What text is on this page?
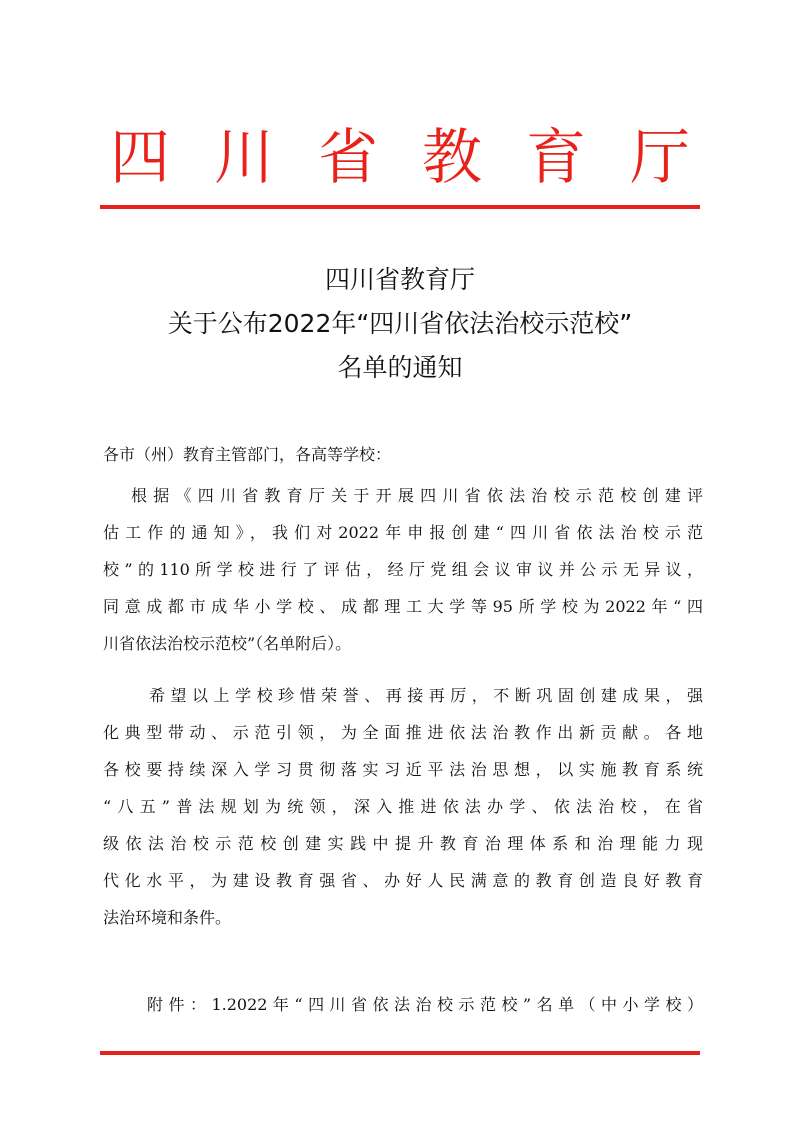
四 川 省 教 育 厅
四川省教育厅
关于公布2022年“四川省依法治校示范校”
名单的通知
各市（州）教育主管部门，各高等学校：
根据《四川省教育厅关于开展四川省依法治校示范校创建评
估工作的通知》，我们对2022年申报创建“四川省依法治校示范
校”的110所学校进行了评估，经厅党组会议审议并公示无异议，
同意成都市成华小学校、成都理工大学等95所学校为2022年“四
川省依法治校示范校”（名单附后）。
希望以上学校珍惜荣誉、再接再厉，不断巩固创建成果，强
化典型带动、示范引领，为全面推进依法治教作出新贡献。各地
各校要持续深入学习贯彻落实习近平法治思想，以实施教育系统
“八五”普法规划为统领，深入推进依法办学、依法治校，在省
级依法治校示范校创建实践中提升教育治理体系和治理能力现
代化水平，为建设教育强省、办好人民满意的教育创造良好教育
法治环境和条件。
附件：1.2022年“四川省依法治校示范校”名单（中小学校）
